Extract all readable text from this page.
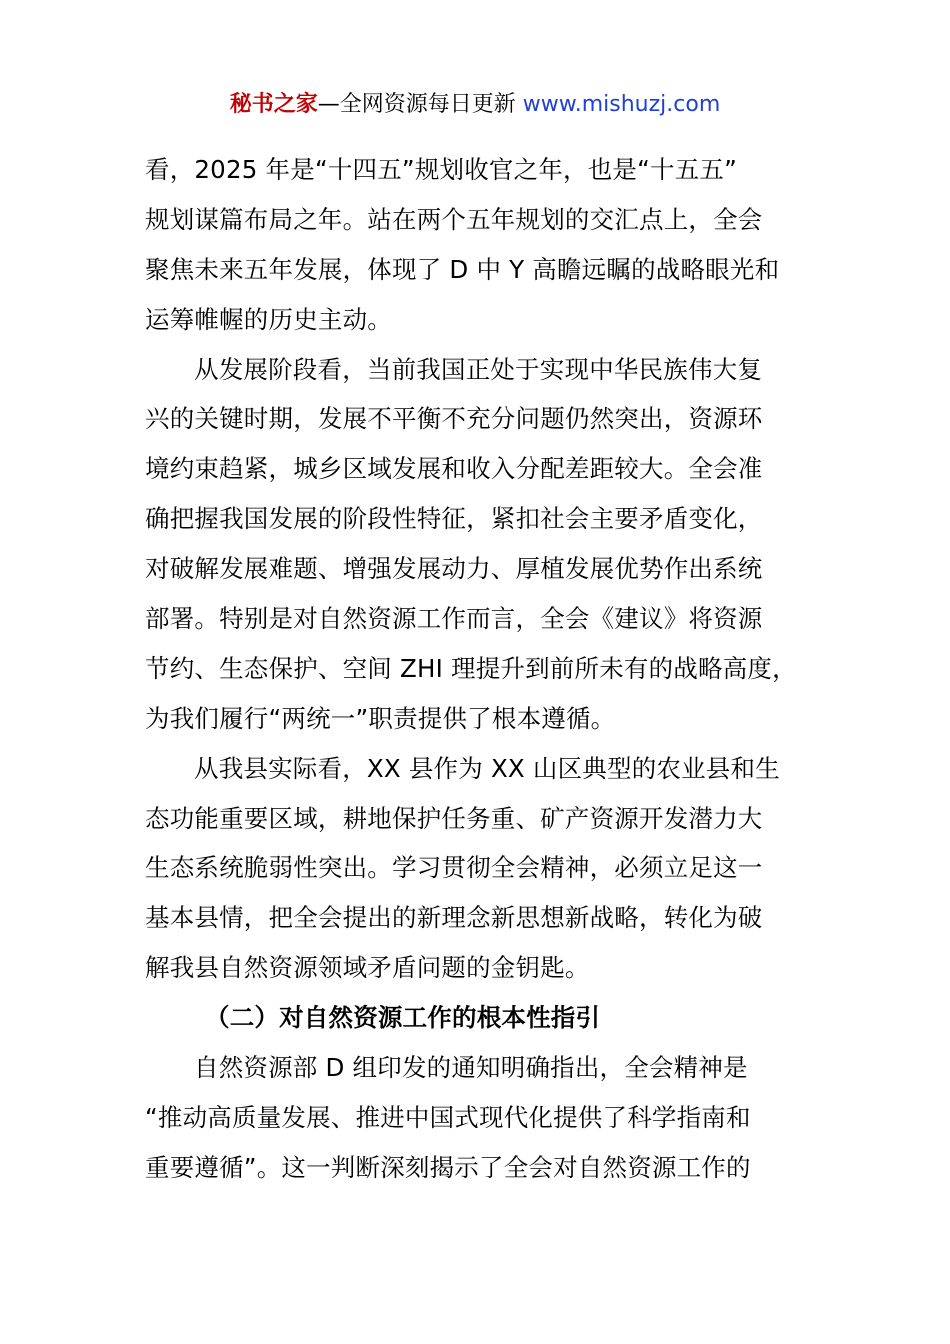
秘书之家—全网资源每日更新 www.mishuzj.com
看，2025 年是“十四五”规划收官之年，也是“十五五”
规划谋篇布局之年。站在两个五年规划的交汇点上，全会
聚焦未来五年发展，体现了 D 中 Y 高瞻远瞩的战略眼光和
运筹帷幄的历史主动。
从发展阶段看，当前我国正处于实现中华民族伟大复
兴的关键时期，发展不平衡不充分问题仍然突出，资源环
境约束趋紧，城乡区域发展和收入分配差距较大。全会准
确把握我国发展的阶段性特征，紧扣社会主要矛盾变化，
对破解发展难题、增强发展动力、厚植发展优势作出系统
部署。特别是对自然资源工作而言，全会《建议》将资源
节约、生态保护、空间 ZHI 理提升到前所未有的战略高度，
为我们履行“两统一”职责提供了根本遵循。
从我县实际看，XX 县作为 XX 山区典型的农业县和生
态功能重要区域，耕地保护任务重、矿产资源开发潜力大
生态系统脆弱性突出。学习贯彻全会精神，必须立足这一
基本县情，把全会提出的新理念新思想新战略，转化为破
解我县自然资源领域矛盾问题的金钥匙。
（二）对自然资源工作的根本性指引
自然资源部 D 组印发的通知明确指出，全会精神是
“推动高质量发展、推进中国式现代化提供了科学指南和
重要遵循”。这一判断深刻揭示了全会对自然资源工作的
